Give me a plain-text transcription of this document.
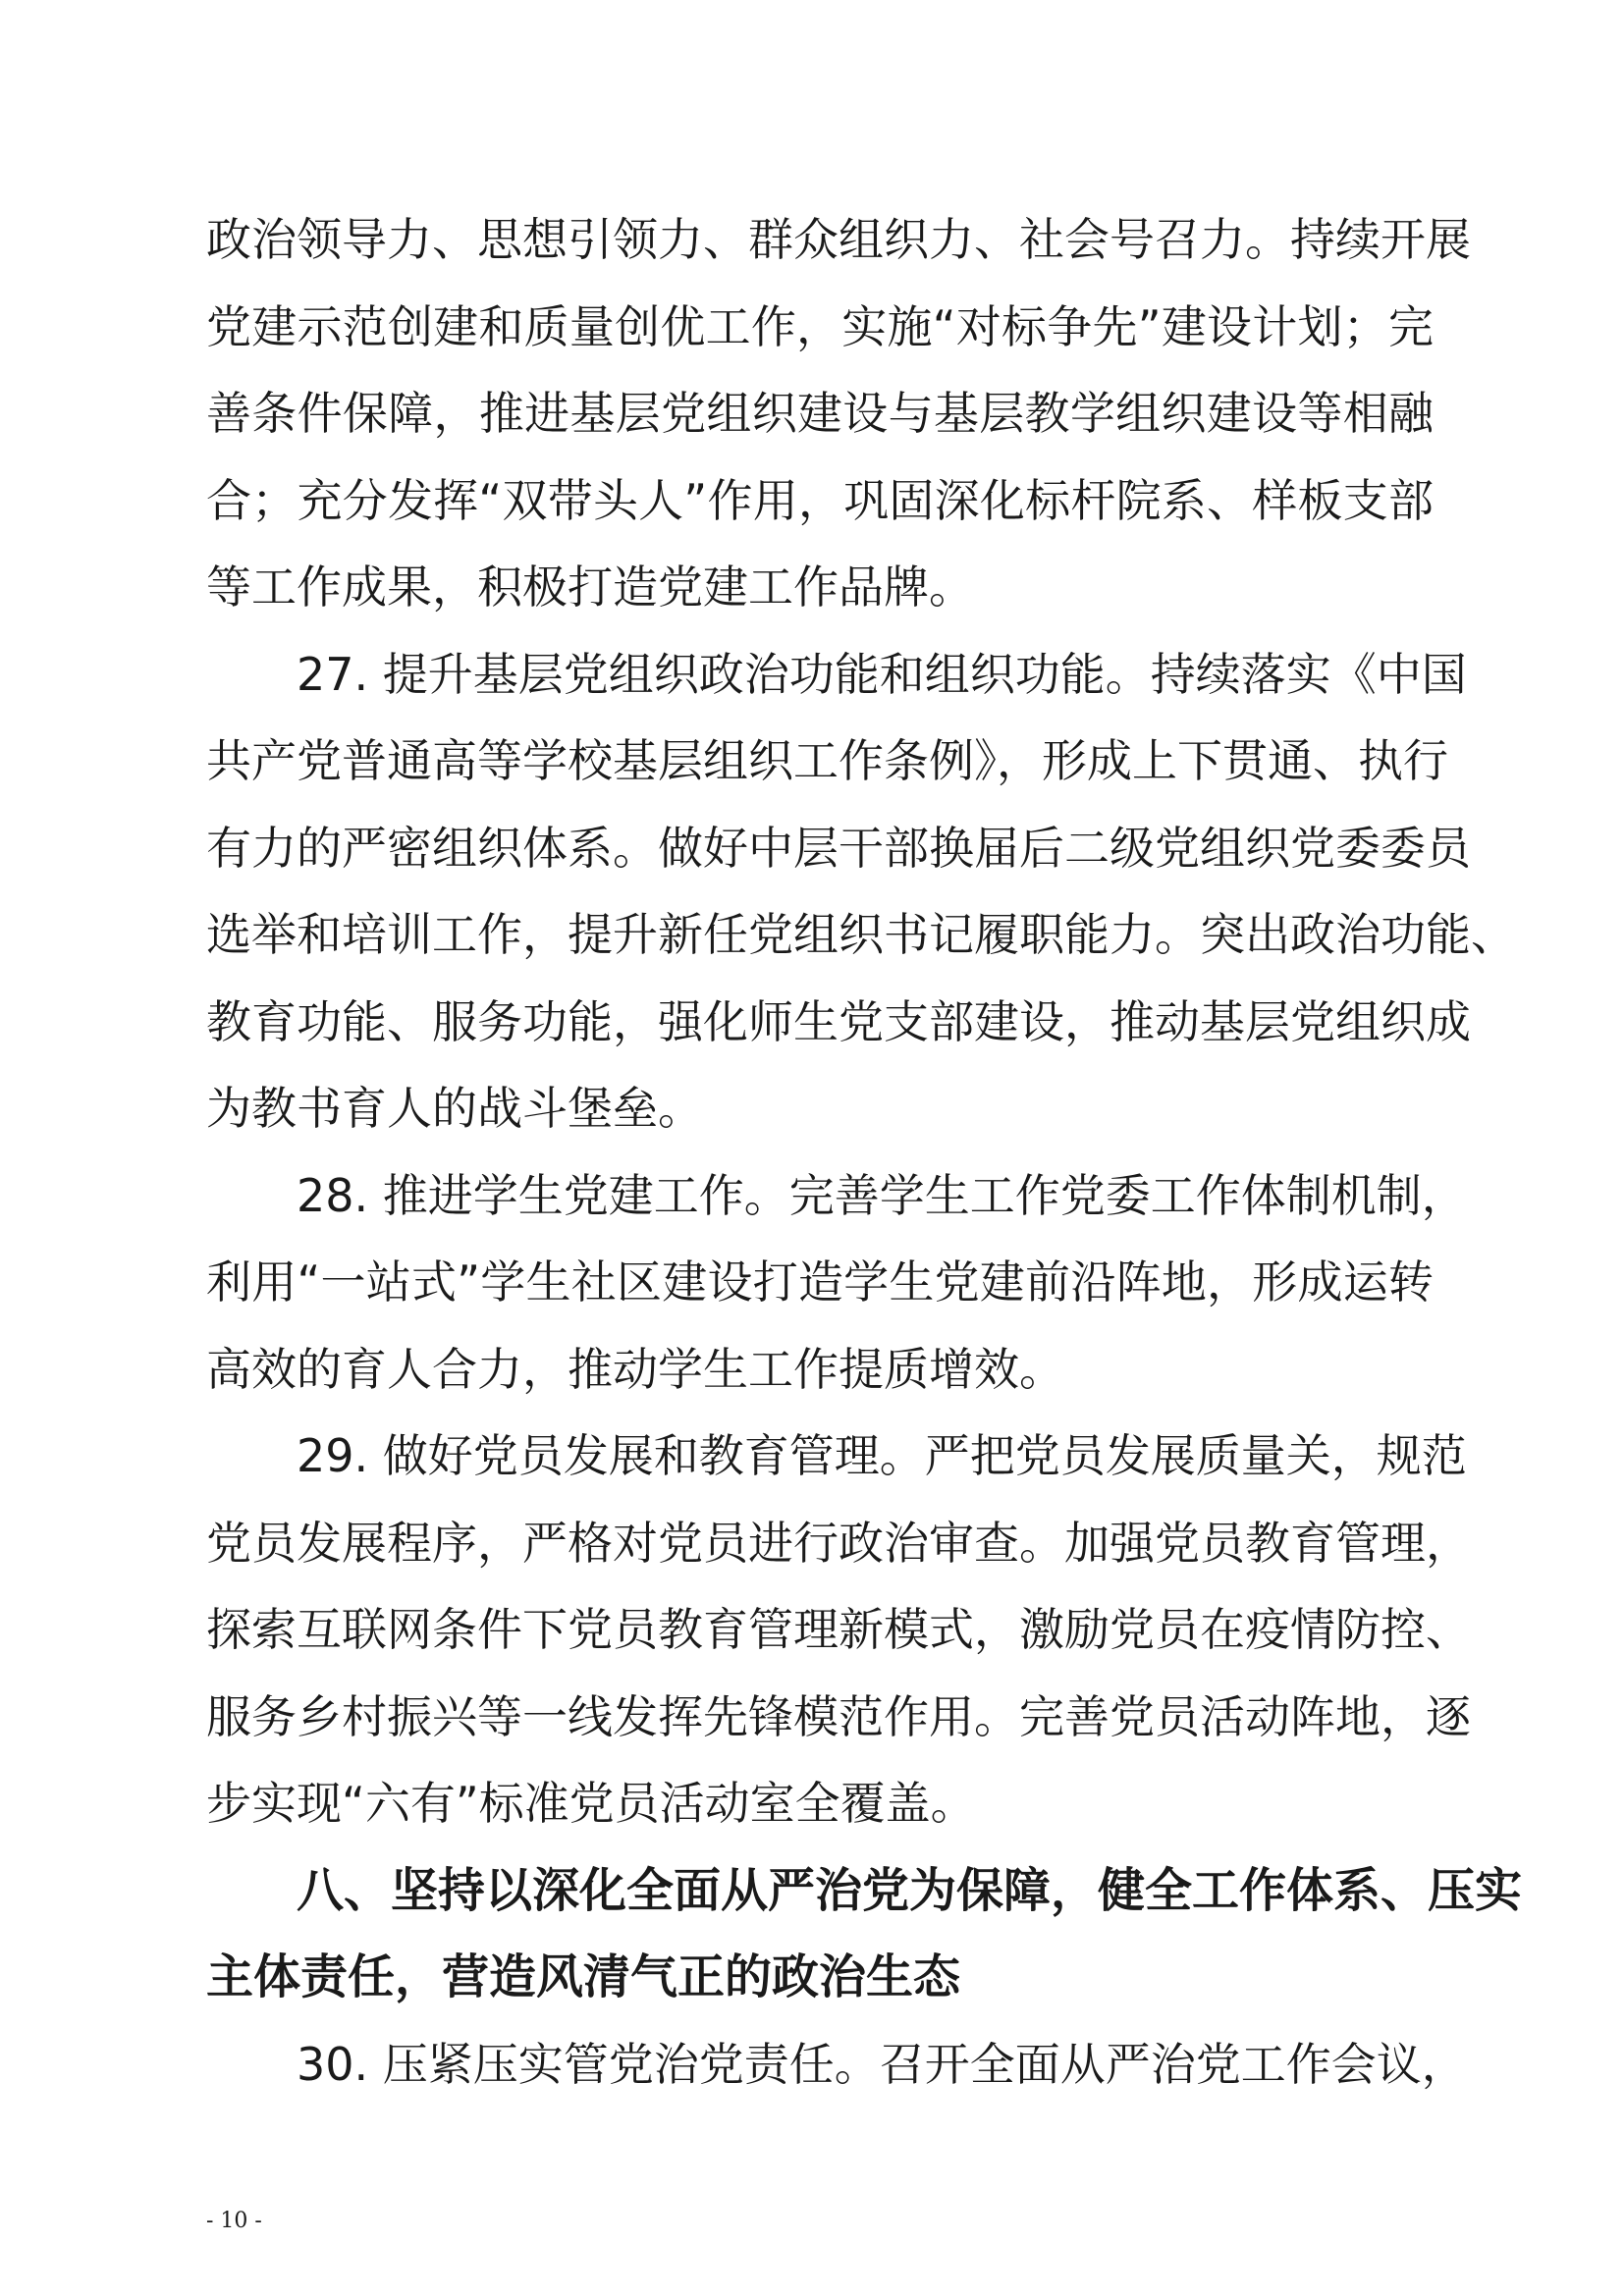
政治领导力、思想引领力、群众组织力、社会号召力。持续开展
党建示范创建和质量创优工作，实施“对标争先”建设计划；完
善条件保障，推进基层党组织建设与基层教学组织建设等相融
合；充分发挥“双带头人”作用，巩固深化标杆院系、样板支部
等工作成果，积极打造党建工作品牌。
27. 提升基层党组织政治功能和组织功能。持续落实《中国
共产党普通高等学校基层组织工作条例》，形成上下贯通、执行
有力的严密组织体系。做好中层干部换届后二级党组织党委委员
选举和培训工作，提升新任党组织书记履职能力。突出政治功能、
教育功能、服务功能，强化师生党支部建设，推动基层党组织成
为教书育人的战斗堡垒。
28. 推进学生党建工作。完善学生工作党委工作体制机制，
利用“一站式”学生社区建设打造学生党建前沿阵地，形成运转
高效的育人合力，推动学生工作提质增效。
29. 做好党员发展和教育管理。严把党员发展质量关，规范
党员发展程序，严格对党员进行政治审查。加强党员教育管理，
探索互联网条件下党员教育管理新模式，激励党员在疫情防控、
服务乡村振兴等一线发挥先锋模范作用。完善党员活动阵地，逐
步实现“六有”标准党员活动室全覆盖。
八、坚持以深化全面从严治党为保障，健全工作体系、压实
主体责任，营造风清气正的政治生态
30. 压紧压实管党治党责任。召开全面从严治党工作会议，
- 10 -
